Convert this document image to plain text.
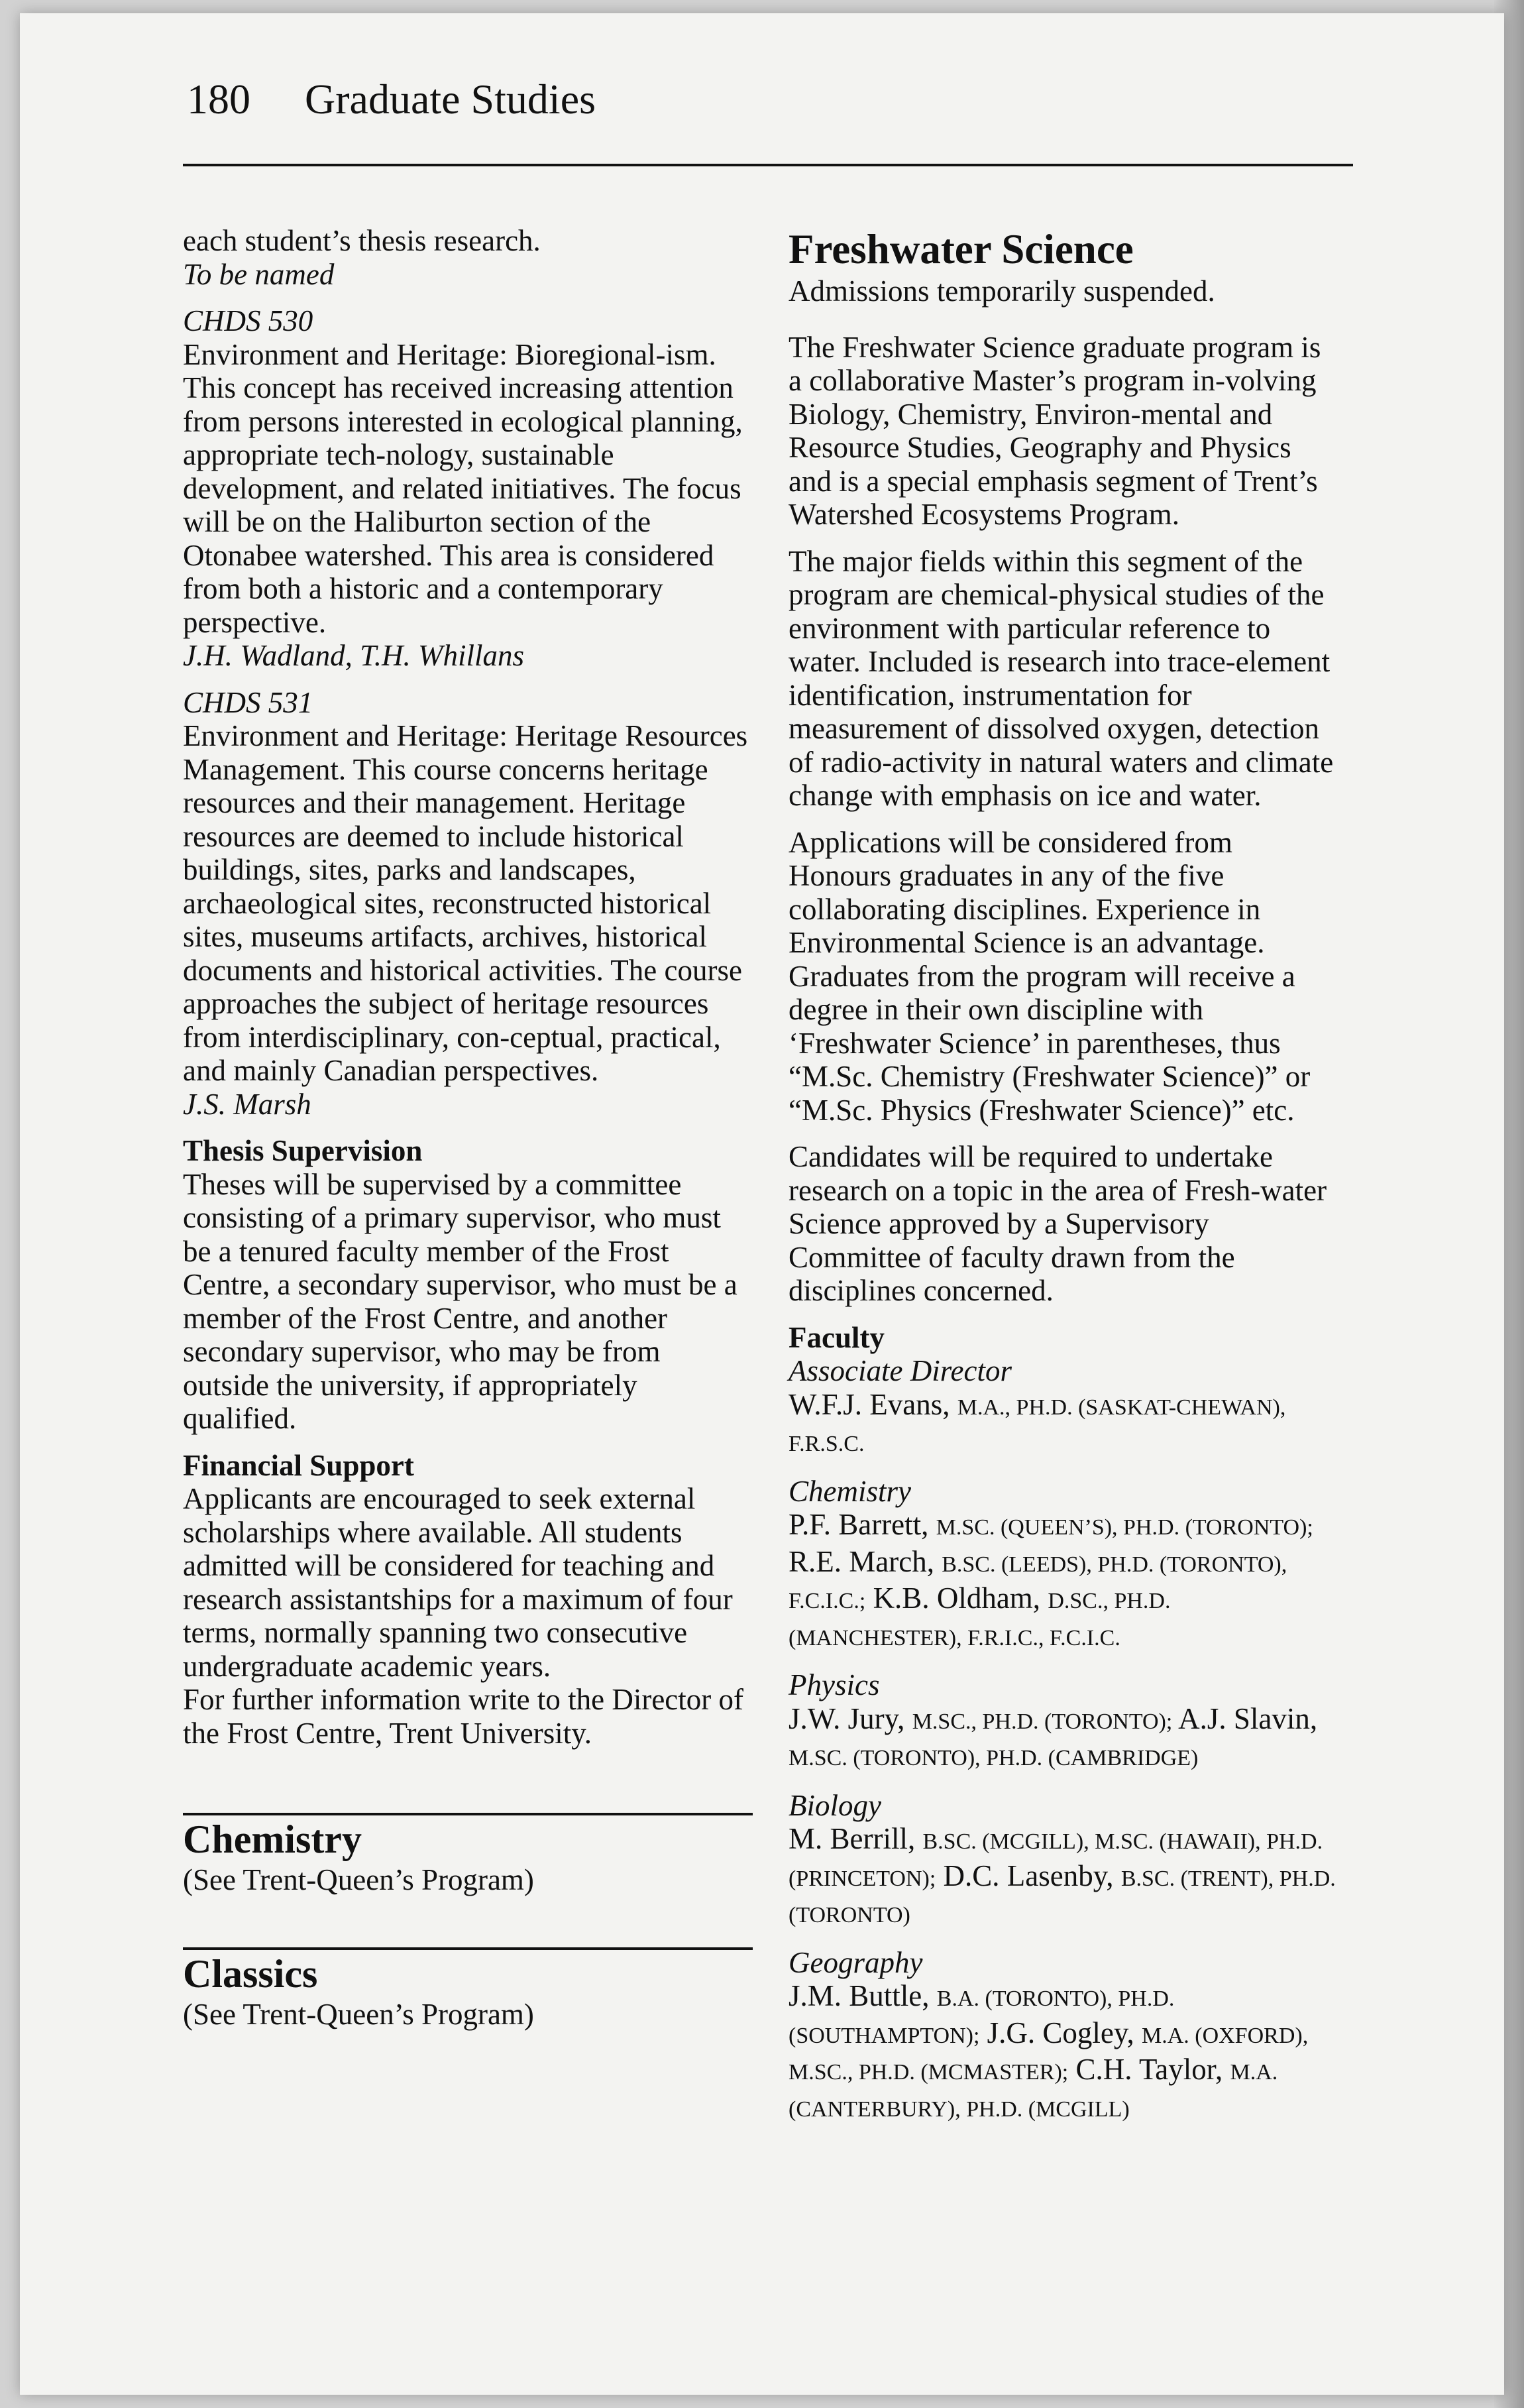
180 Graduate Studies

each student’s thesis research.

To be named

CHDS 530

Environment and Heritage: Bioregional-ism. This concept has received increasing attention from persons interested in ecological planning, appropriate tech-nology, sustainable development, and related initiatives. The focus will be on the Haliburton section of the Otonabee watershed. This area is considered from both a historic and a contemporary perspective.

J.H. Wadland, T.H. Whillans

CHDS 531

Environment and Heritage: Heritage Resources Management. This course concerns heritage resources and their management. Heritage resources are deemed to include historical buildings, sites, parks and landscapes, archaeological sites, reconstructed historical sites, museums artifacts, archives, historical documents and historical activities. The course approaches the subject of heritage resources from interdisciplinary, con-ceptual, practical, and mainly Canadian perspectives.

J.S. Marsh

Thesis Supervision

Theses will be supervised by a committee consisting of a primary supervisor, who must be a tenured faculty member of the Frost Centre, a secondary supervisor, who must be a member of the Frost Centre, and another secondary supervisor, who may be from outside the university, if appropriately qualified.

Financial Support

Applicants are encouraged to seek external scholarships where available. All students admitted will be considered for teaching and research assistantships for a maximum of four terms, normally spanning two consecutive undergraduate academic years.

For further information write to the Director of the Frost Centre, Trent University.

Chemistry

(See Trent-Queen’s Program)

Classics

(See Trent-Queen’s Program)

Freshwater Science

Admissions temporarily suspended.

The Freshwater Science graduate program is a collaborative Master’s program in-volving Biology, Chemistry, Environ-mental and Resource Studies, Geography and Physics and is a special emphasis segment of Trent’s Watershed Ecosystems Program.

The major fields within this segment of the program are chemical-physical studies of the environment with particular reference to water. Included is research into trace-element identification, instrumentation for measurement of dissolved oxygen, detection of radio-activity in natural waters and climate change with emphasis on ice and water.

Applications will be considered from Honours graduates in any of the five collaborating disciplines. Experience in Environmental Science is an advantage. Graduates from the program will receive a degree in their own discipline with ‘Freshwater Science’ in parentheses, thus “M.Sc. Chemistry (Freshwater Science)” or “M.Sc. Physics (Freshwater Science)” etc.

Candidates will be required to undertake research on a topic in the area of Fresh-water Science approved by a Supervisory Committee of faculty drawn from the disciplines concerned.

Faculty

Associate Director

W.F.J. Evans, M.A., PH.D. (SASKAT-CHEWAN), F.R.S.C.

Chemistry

P.F. Barrett, M.SC. (QUEEN’S), PH.D. (TORONTO); R.E. March, B.SC. (LEEDS), PH.D. (TORONTO), F.C.I.C.; K.B. Oldham, D.SC., PH.D. (MANCHESTER), F.R.I.C., F.C.I.C.

Physics

J.W. Jury, M.SC., PH.D. (TORONTO); A.J. Slavin, M.SC. (TORONTO), PH.D. (CAMBRIDGE)

Biology

M. Berrill, B.SC. (MCGILL), M.SC. (HAWAII), PH.D. (PRINCETON); D.C. Lasenby, B.SC. (TRENT), PH.D. (TORONTO)

Geography

J.M. Buttle, B.A. (TORONTO), PH.D. (SOUTHAMPTON); J.G. Cogley, M.A. (OXFORD), M.SC., PH.D. (MCMASTER); C.H. Taylor, M.A. (CANTERBURY), PH.D. (MCGILL)
